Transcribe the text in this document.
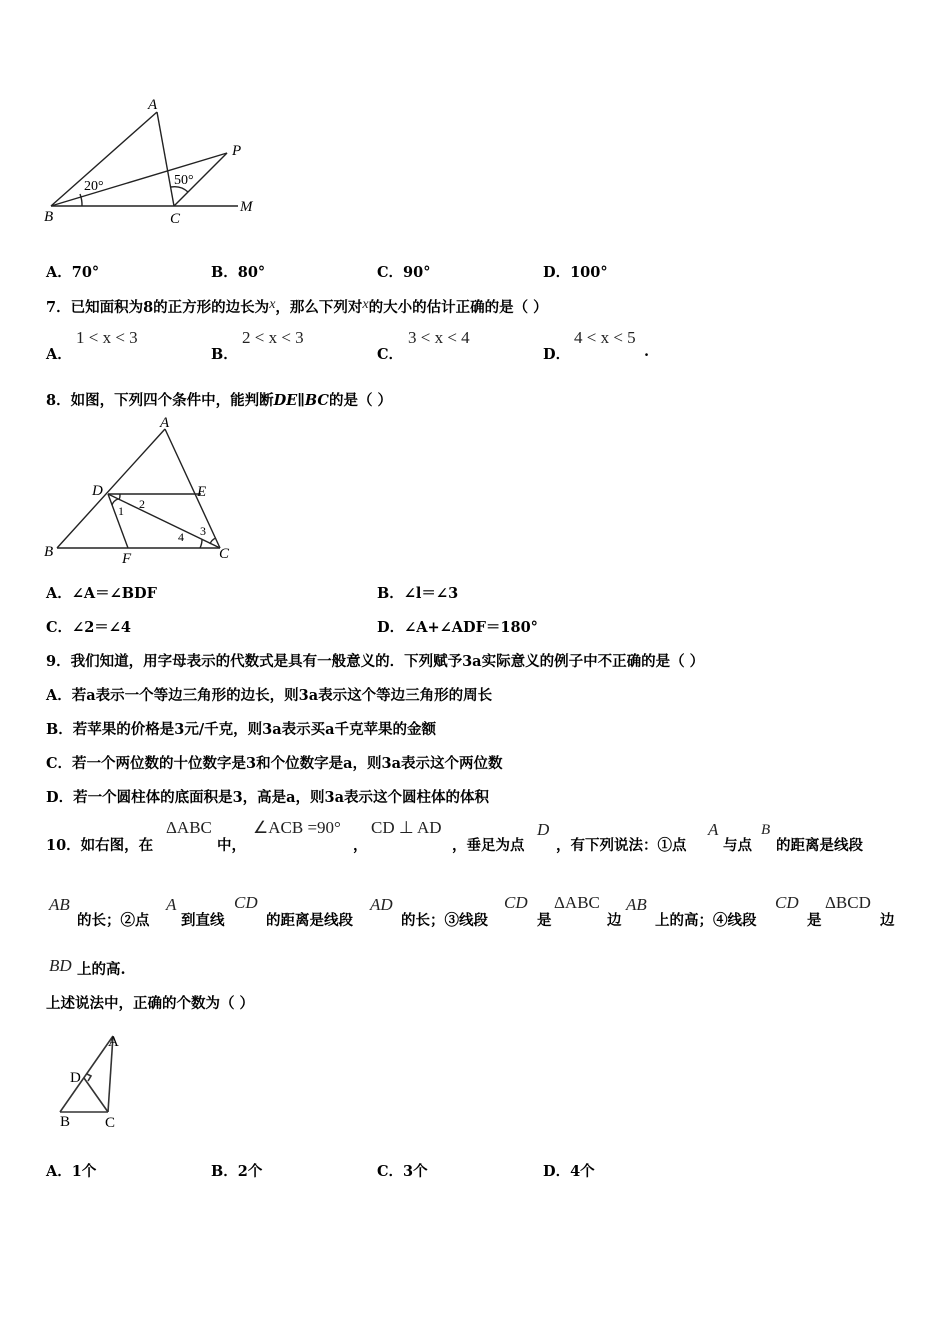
A
B	C
P
M
20°	50°
A．70°	B．80°	C．90°	D．100°
7．已知面积为8的正方形的边长为x，那么下列对x的大小的估计正确的是（ ）
A．
1 < x < 3
B．
2 < x < 3
C．
3 < x < 4
D．
4 < x < 5
.
8．如图，下列四个条件中，能判断DE∥BC的是（ ）
A
B	C
D	E
F
1 2
3
4
A．∠A＝∠BDF	B．∠l＝∠3
C．∠2＝∠4	D．∠A+∠ADF＝180°
9．我们知道，用字母表示的代数式是具有一般意义的．下列赋予3a实际意义的例子中不正确的是（ ）
A．若a表示一个等边三角形的边长，则3a表示这个等边三角形的周长
B．若苹果的价格是3元/千克，则3a表示买a千克苹果的金额
C．若一个两位数的十位数字是3和个位数字是a，则3a表示这个两位数
D．若一个圆柱体的底面积是3，高是a，则3a表示这个圆柱体的体积
10．如右图，在
ΔABC
中，
∠ACB =90°
，
CD ⊥ AD
，垂足为点
D
，有下列说法：①点
A
与点
B
的距离是线段
AB
的长；②点
A
到直线
CD
的距离是线段
AD
的长；③线段
CD
是
ΔABC
边
AB
上的高；④线段
CD
是
ΔBCD
边
BD 上的高.
上述说法中，正确的个数为（ ）
A
B C
D
A．1个	B．2个	C．3个	D．4个
